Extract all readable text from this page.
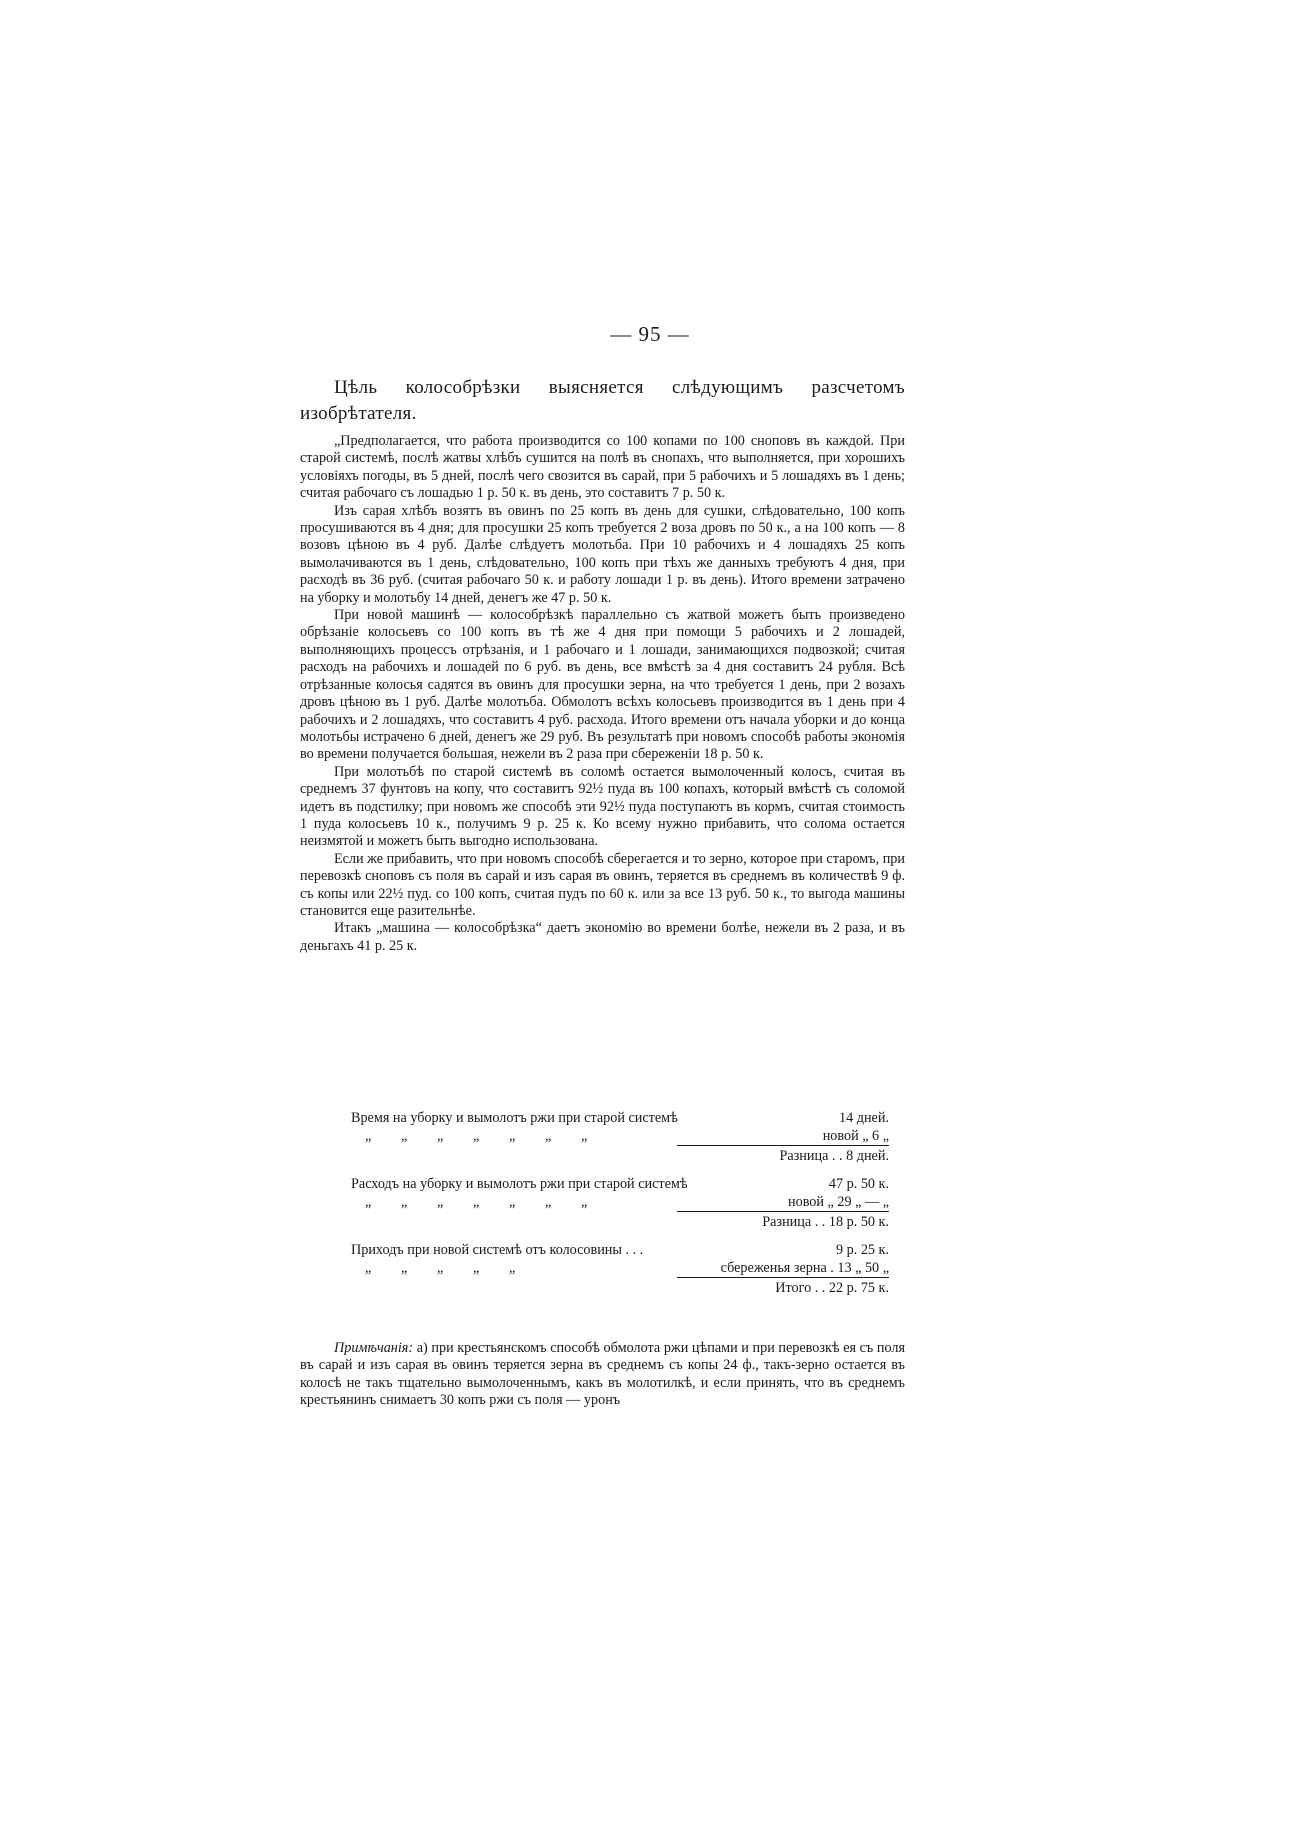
— 95 —

Цѣль колособрѣзки выясняется слѣдующимъ разсчетомъ изобрѣтателя.

„Предполагается, что работа производится со 100 копами по 100 сноповъ въ каждой. При старой системѣ, послѣ жатвы хлѣбъ сушится на полѣ въ снопахъ, что выполняется, при хорошихъ условіяхъ погоды, въ 5 дней, послѣ чего свозится въ сарай, при 5 рабочихъ и 5 лошадяхъ въ 1 день; считая рабочаго съ лошадью 1 р. 50 к. въ день, это составитъ 7 р. 50 к.

Изъ сарая хлѣбъ возятъ въ овинъ по 25 копъ въ день для сушки, слѣдовательно, 100 копъ просушиваются въ 4 дня; для просушки 25 копъ требуется 2 воза дровъ по 50 к., а на 100 копъ — 8 возовъ цѣною въ 4 руб. Далѣе слѣдуетъ молотьба. При 10 рабочихъ и 4 лошадяхъ 25 копъ вымолачиваются въ 1 день, слѣдовательно, 100 копъ при тѣхъ же данныхъ требуютъ 4 дня, при расходѣ въ 36 руб. (считая рабочаго 50 к. и работу лошади 1 р. въ день). Итого времени затрачено на уборку и молотьбу 14 дней, денегъ же 47 р. 50 к.

При новой машинѣ — колособрѣзкѣ параллельно съ жатвой можетъ быть произведено обрѣзаніе колосьевъ со 100 копъ въ тѣ же 4 дня при помощи 5 рабочихъ и 2 лошадей, выполняющихъ процессъ отрѣзанія, и 1 рабочаго и 1 лошади, занимающихся подвозкой; считая расходъ на рабочихъ и лошадей по 6 руб. въ день, все вмѣстѣ за 4 дня составитъ 24 рубля. Всѣ отрѣзанные колосья садятся въ овинъ для просушки зерна, на что требуется 1 день, при 2 возахъ дровъ цѣною въ 1 руб. Далѣе молотьба. Обмолотъ всѣхъ колосьевъ производится въ 1 день при 4 рабочихъ и 2 лошадяхъ, что составитъ 4 руб. расхода. Итого времени отъ начала уборки и до конца молотьбы истрачено 6 дней, денегъ же 29 руб. Въ результатѣ при новомъ способѣ работы экономія во времени получается большая, нежели въ 2 раза при сбереженіи 18 р. 50 к.

При молотьбѣ по старой системѣ въ соломѣ остается вымолоченный колосъ, считая въ среднемъ 37 фунтовъ на копу, что составитъ 92½ пуда въ 100 копахъ, который вмѣстѣ съ соломой идетъ въ подстилку; при новомъ же способѣ эти 92½ пуда поступаютъ въ кормъ, считая стоимость 1 пуда колосьевъ 10 к., получимъ 9 р. 25 к. Ко всему нужно прибавить, что солома остается неизмятой и можетъ быть выгодно использована.

Если же прибавить, что при новомъ способѣ сберегается и то зерно, которое при старомъ, при перевозкѣ сноповъ съ поля въ сарай и изъ сарая въ овинъ, теряется въ среднемъ въ количествѣ 9 ф. съ копы или 22½ пуд. со 100 копъ, считая пудъ по 60 к. или за все 13 руб. 50 к., то выгода машины становится еще разительнѣе.

Итакъ „машина — колособрѣзка“ даетъ экономію во времени болѣе, нежели въ 2 раза, и въ деньгахъ 41 р. 25 к.

Время на уборку и вымолотъ ржи при старой системѣ	14 дней.
„ „ „ „ „ „ „	новой „ 6 „
Разница . . 8 дней.
Расходъ на уборку и вымолотъ ржи при старой системѣ	47 р. 50 к.
„ „ „ „ „ „ „	новой „ 29 „ — „
Разница . . 18 р. 50 к.
Приходъ при новой системѣ отъ колосовины . . .	9 р. 25 к.
„ „ „ „ „	сбереженья зерна . 13 „ 50 „
Итого . . 22 р. 75 к.

Примѣчанія: а) при крестьянскомъ способѣ обмолота ржи цѣпами и при перевозкѣ ея съ поля въ сарай и изъ сарая въ овинъ теряется зерна въ среднемъ съ копы 24 ф., такъ-зерно остается въ колосѣ не такъ тщательно вымолоченнымъ, какъ въ молотилкѣ, и если принять, что въ среднемъ крестьянинъ снимаетъ 30 копъ ржи съ поля — уронъ
